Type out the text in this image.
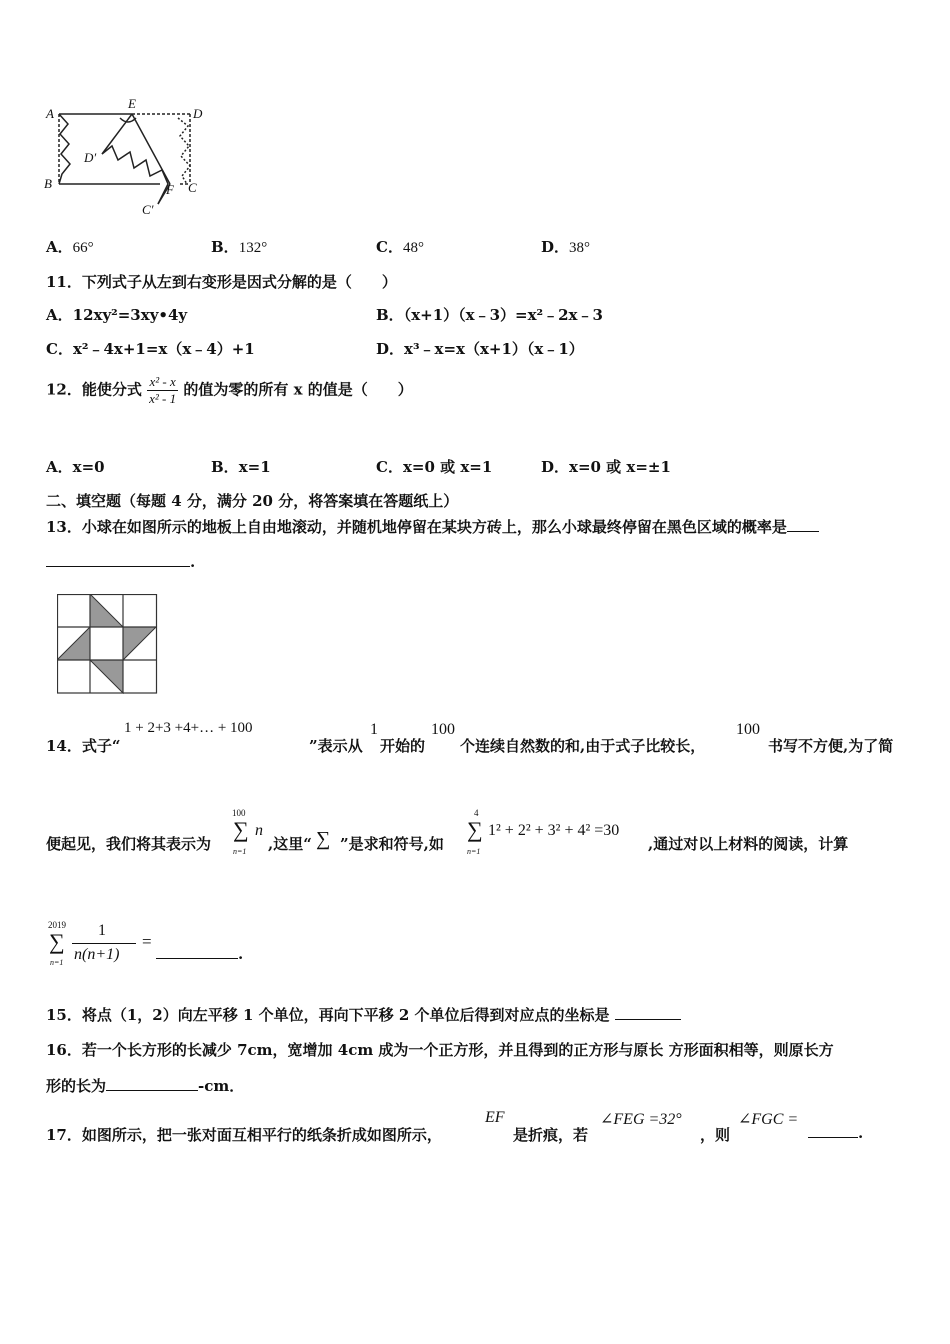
A
B
E
D
D′
F C
C′
A．66°	B．132°	C．48°	D．38°
11．下列式子从左到右变形是因式分解的是（　　）
A．12xy²=3xy•4y	B．（x+1）（x﹣3）=x²﹣2x﹣3
C．x²﹣4x+1=x（x﹣4）+1	D．x³﹣x=x（x+1）（x﹣1）
12．能使分式 $\frac{\text{x² - x}}{\text{x² - 1}}$ 的值为零的所有 x 的值是（　　）
A．x=0	B．x=1	C．x=0 或 x=1	D．x=0 或 x=±1
二、填空题（每题 4 分，满分 20 分，将答案填在答题纸上）
13．小球在如图所示的地板上自由地滚动，并随机地停留在某块方砖上，那么小球最终停留在黑色区域的概率是
.
14．式子“
1 + 2+3 +4+… + 100
”表示从
1
开始的
100
个连续自然数的和,由于式子比较长，
100
书写不方便,为了简
便起见，我们将其表示为
100
∑ n
n=1 ,这里“ ∑ ”是求和符号,如
4
∑
n=1
1² + 2² + 3² + 4² =30
,通过对以上材料的阅读，计算
2019
∑
n=1
1
n(n+1)
=
.
15．将点（1，2）向左平移 1 个单位，再向下平移 2 个单位后得到对应点的坐标是
16．若一个长方形的长减少 7cm，宽增加 4cm 成为一个正方形，并且得到的正方形与原长 方形面积相等，则原长方
形的长为	-cm．
17．如图所示，把一张对面互相平行的纸条折成如图所示，
EF
是折痕，若
∠FEG =32°
，则
∠FGC =
.
